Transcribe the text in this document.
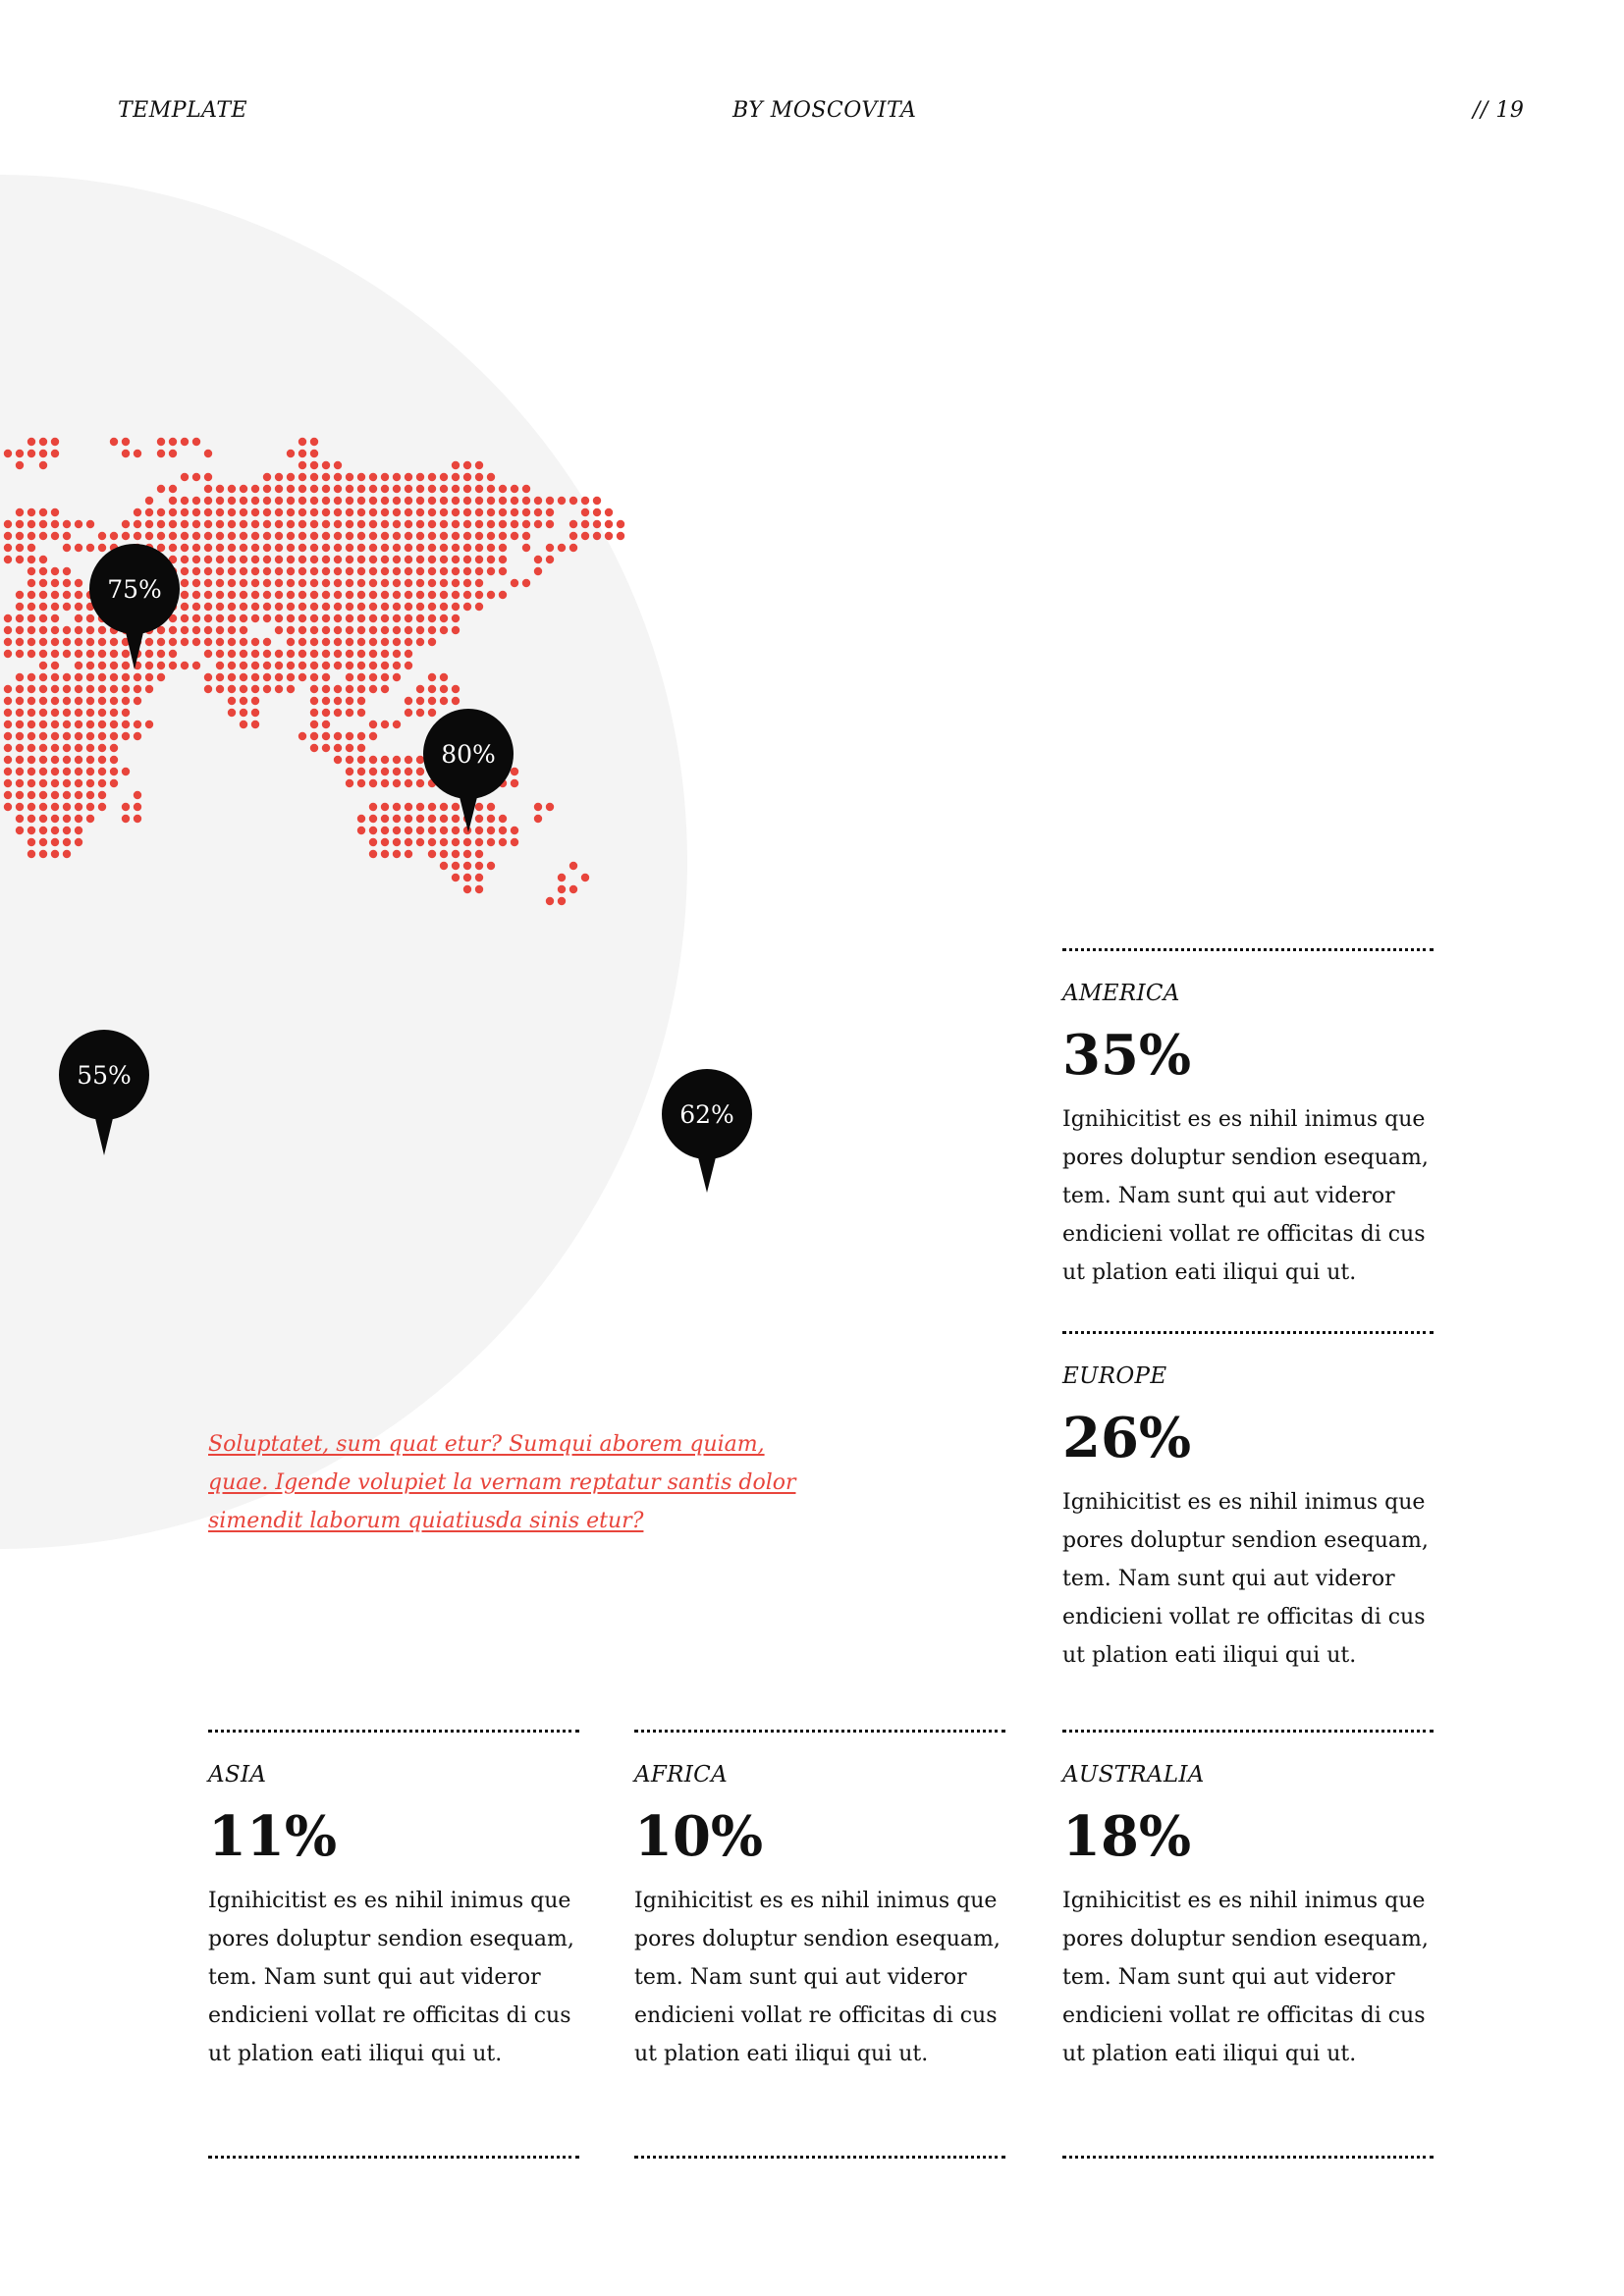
TEMPLATE	BY MOSCOVITA	// 19
75%
80%
55%
62%
Soluptatet, sum quat etur? Sumqui aborem quiam, quae. Igende volupiet la vernam reptatur santis dolor simendit laborum quiatiusda sinis etur?
AMERICA
35%
Ignihicitist es es nihil inimus que pores doluptur sendion esequam, tem. Nam sunt qui aut videror endicieni vollat re officitas di cus ut plation eati iliqui qui ut.
EUROPE
26%
Ignihicitist es es nihil inimus que pores doluptur sendion esequam, tem. Nam sunt qui aut videror endicieni vollat re officitas di cus ut plation eati iliqui qui ut.
ASIA
11%
Ignihicitist es es nihil inimus que pores doluptur sendion esequam, tem. Nam sunt qui aut videror endicieni vollat re officitas di cus ut plation eati iliqui qui ut.
AFRICA
10%
Ignihicitist es es nihil inimus que pores doluptur sendion esequam, tem. Nam sunt qui aut videror endicieni vollat re officitas di cus ut plation eati iliqui qui ut.
AUSTRALIA
18%
Ignihicitist es es nihil inimus que pores doluptur sendion esequam, tem. Nam sunt qui aut videror endicieni vollat re officitas di cus ut plation eati iliqui qui ut.
